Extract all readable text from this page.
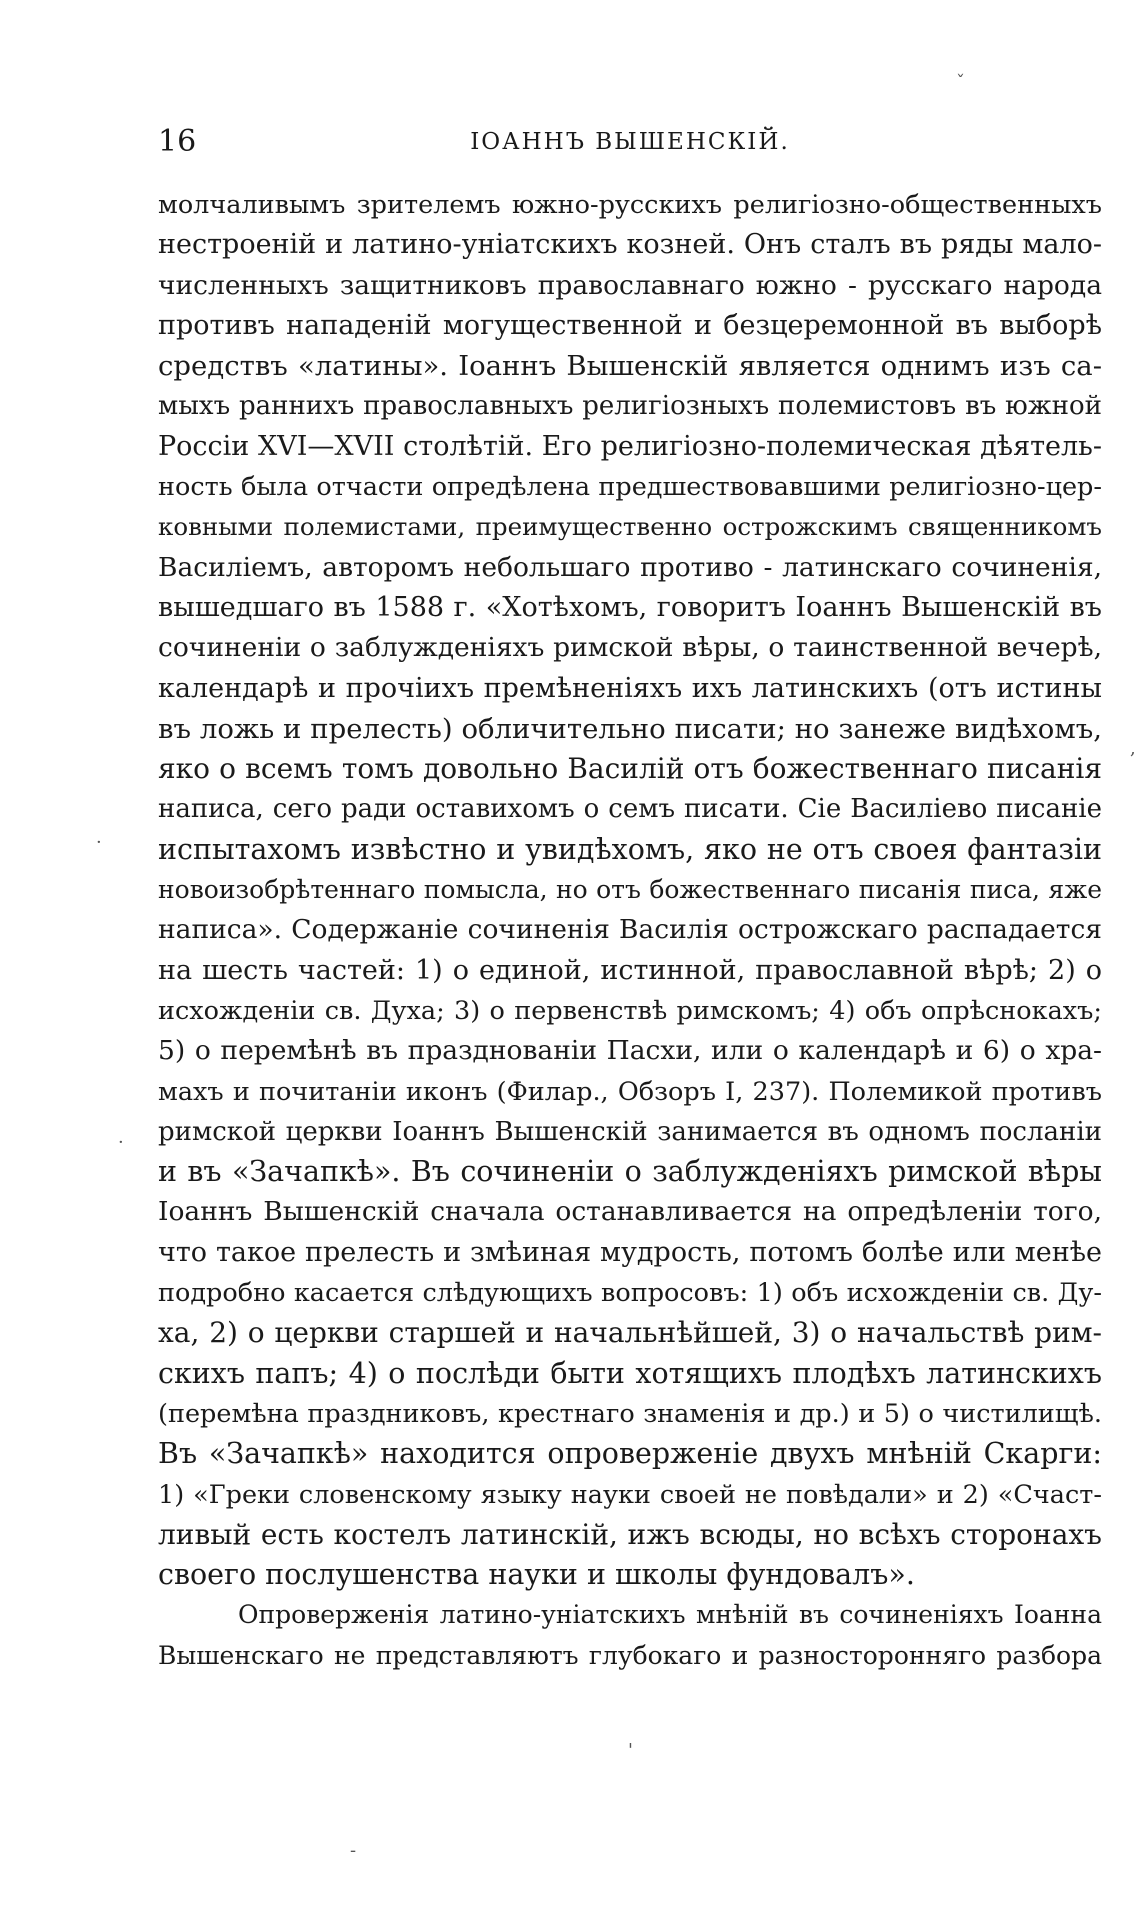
16	ІОАННЪ ВЫШЕНСКІЙ.
молчаливымъ зрителемъ южно-русскихъ религіозно-общественныхъ
нестроеній и латино-уніатскихъ козней. Онъ сталъ въ ряды мало-
численныхъ защитниковъ православнаго южно - русскаго народа
противъ нападеній могущественной и безцеремонной въ выборѣ
средствъ «латины». Іоаннъ Вышенскій является однимъ изъ са-
мыхъ раннихъ православныхъ религіозныхъ полемистовъ въ южной
Россіи XVI—XVII столѣтій. Его религіозно-полемическая дѣятель-
ность была отчасти опредѣлена предшествовавшими религіозно-цер-
ковными полемистами, преимущественно острожскимъ священникомъ
Василіемъ, авторомъ небольшаго противо - латинскаго сочиненія,
вышедшаго въ 1588 г. «Хотѣхомъ, говоритъ Іоаннъ Вышенскій въ
сочиненіи о заблужденіяхъ римской вѣры, о таинственной вечерѣ,
календарѣ и прочіихъ премѣненіяхъ ихъ латинскихъ (отъ истины
въ ложь и прелесть) обличительно писати; но занеже видѣхомъ,
яко о всемъ томъ довольно Василій отъ божественнаго писанія
написа, сего ради оставихомъ о семъ писати. Сіе Василіево писаніе
испытахомъ извѣстно и увидѣхомъ, яко не отъ своея фантазіи
новоизобрѣтеннаго помысла, но отъ божественнаго писанія писа, яже
написа». Содержаніе сочиненія Василія острожскаго распадается
на шесть частей: 1) о единой, истинной, православной вѣрѣ; 2) о
исхожденіи св. Духа; 3) о первенствѣ римскомъ; 4) объ опрѣснокахъ;
5) о перемѣнѣ въ празднованіи Пасхи, или о календарѣ и 6) о хра-
махъ и почитаніи иконъ (Филар., Обзоръ I, 237). Полемикой противъ
римской церкви Іоаннъ Вышенскій занимается въ одномъ посланіи
и въ «Зачапкѣ». Въ сочиненіи о заблужденіяхъ римской вѣры
Іоаннъ Вышенскій сначала останавливается на опредѣленіи того,
что такое прелесть и змѣиная мудрость, потомъ болѣе или менѣе
подробно касается слѣдующихъ вопросовъ: 1) объ исхожденіи св. Ду-
ха, 2) о церкви старшей и начальнѣйшей, 3) о начальствѣ рим-
скихъ папъ; 4) о послѣди быти хотящихъ плодѣхъ латинскихъ
(перемѣна праздниковъ, крестнаго знаменія и др.) и 5) о чистилищѣ.
Въ «Зачапкѣ» находится опроверженіе двухъ мнѣній Скарги:
1) «Греки словенскому языку науки своей не повѣдали» и 2) «Счаст-
ливый есть костелъ латинскій, ижъ всюды, но всѣхъ сторонахъ
своего послушенства науки и школы фундовалъ».
Опроверженія латино-уніатскихъ мнѣній въ сочиненіяхъ Іоанна
Вышенскаго не представляютъ глубокаго и разносторонняго разбора
ˇ
,
·
·
'
-
